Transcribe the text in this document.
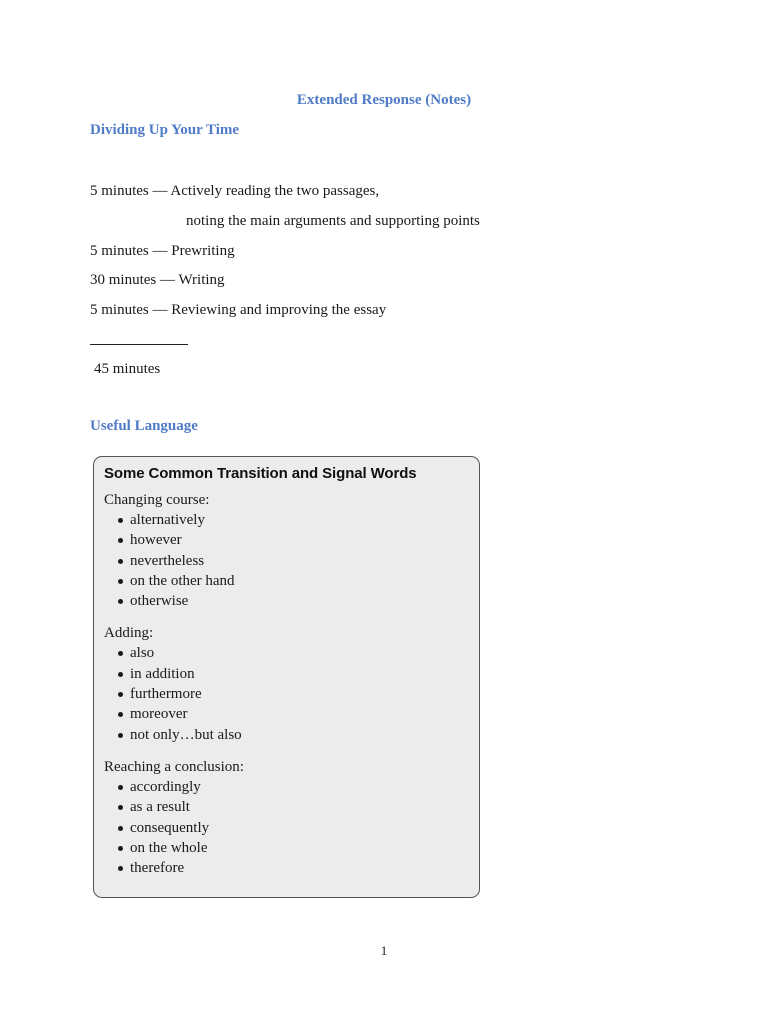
Extended Response (Notes)
Dividing Up Your Time
5 minutes — Actively reading the two passages,
noting the main arguments and supporting points
5 minutes — Prewriting
30 minutes — Writing
5 minutes — Reviewing and improving the essay
45 minutes
Useful Language
Some Common Transition and Signal Words
Changing course:
alternatively
however
nevertheless
on the other hand
otherwise
Adding:
also
in addition
furthermore
moreover
not only…but also
Reaching a conclusion:
accordingly
as a result
consequently
on the whole
therefore
1
